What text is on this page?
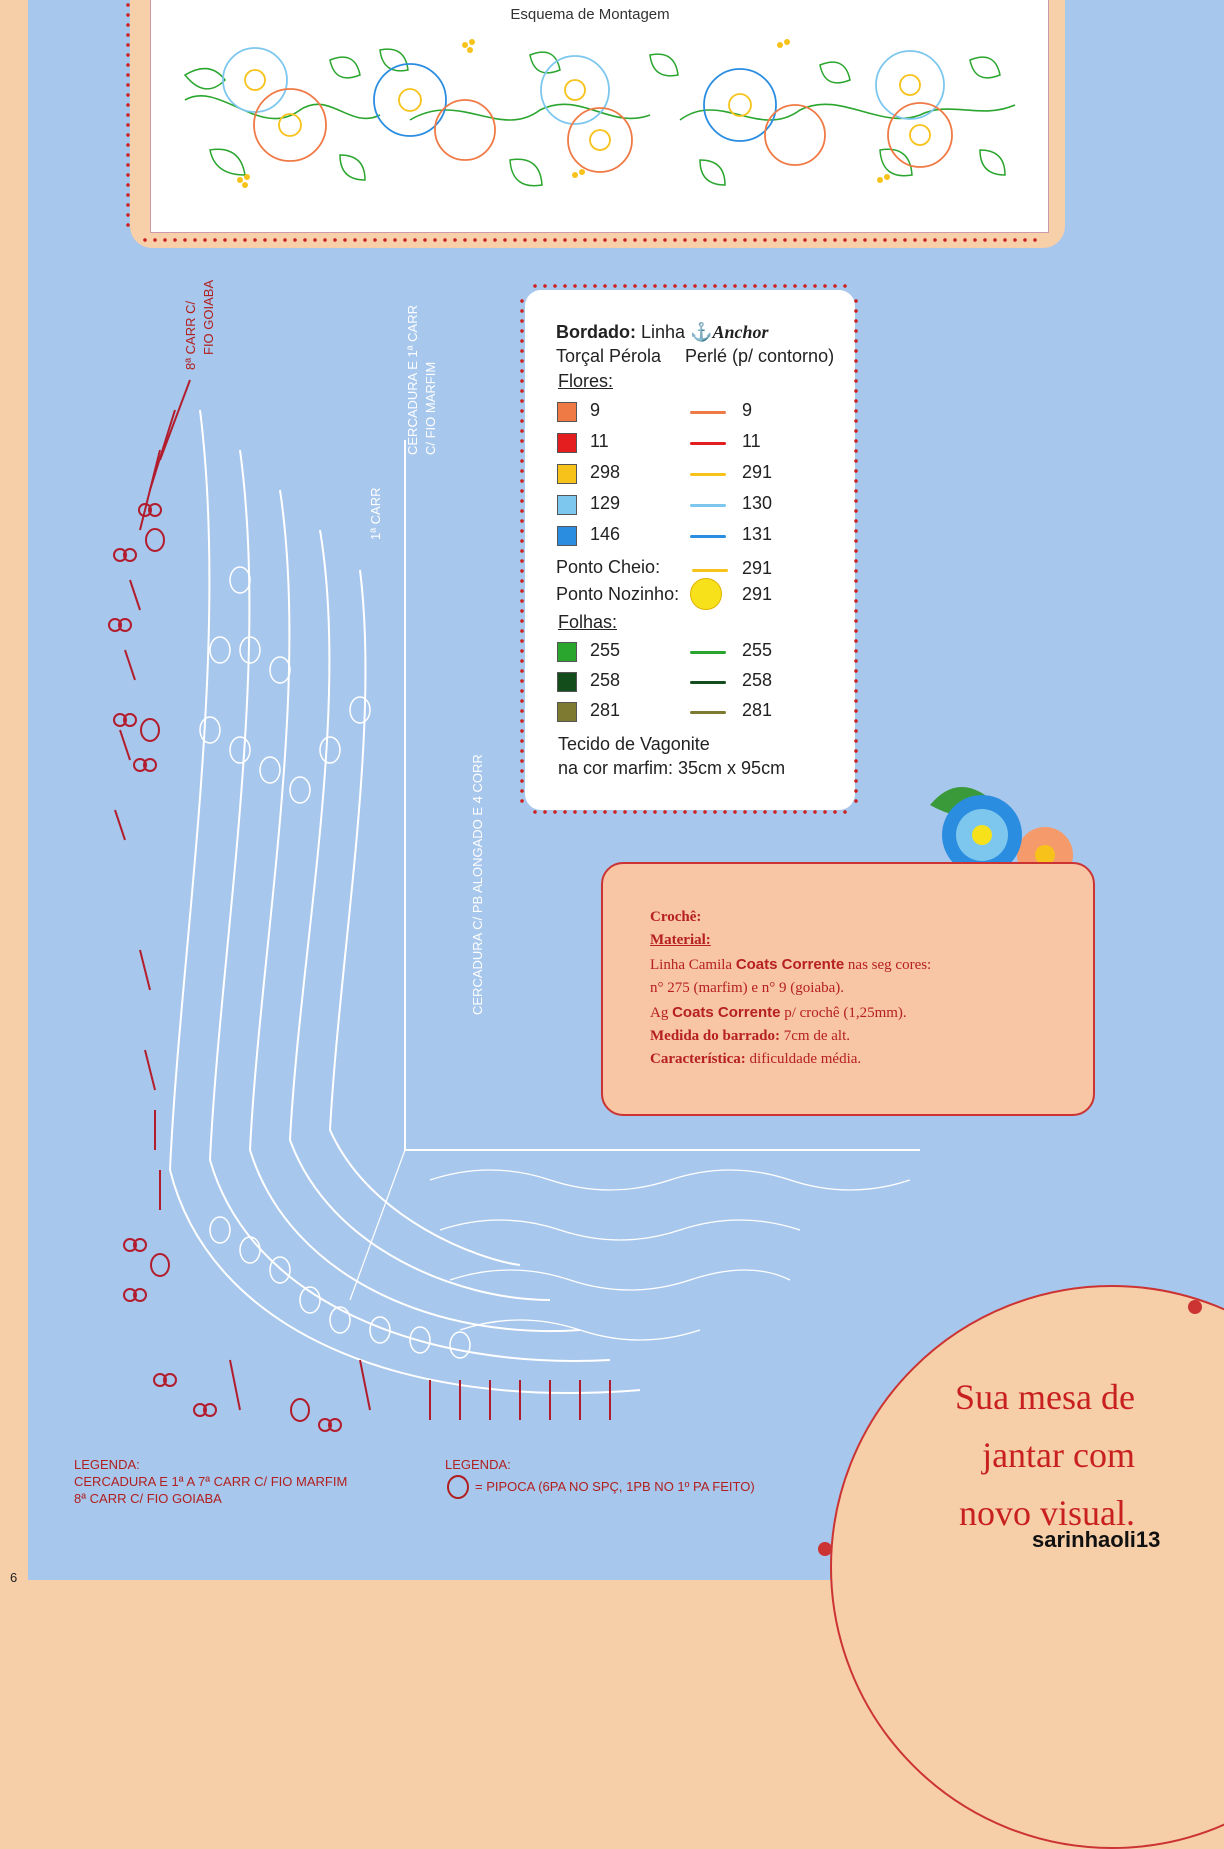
Esquema de Montagem
8ª CARR C/ FIO GOIABA	CERCADURA E 1ª CARR C/ FIO MARFIM
1ª CARR
CERCADURA C/ PB ALONGADO E 4 CORR
Bordado: Linha ⚓Anchor
Torçal Pérola Perlé (p/ contorno)
Flores:
9	9
11	11
298	291
129	130
146	131
Ponto Cheio:	291
Ponto Nozinho:	291
Folhas:
255	255
258	258
281	281
Tecido de Vagonite
na cor marfim: 35cm x 95cm
Crochê:
Material:
Linha Camila Coats Corrente nas seg cores:
n° 275 (marfim) e n° 9 (goiaba).
Ag Coats Corrente p/ crochê (1,25mm).
Medida do barrado: 7cm de alt.
Característica: dificuldade média.
Sua mesa de
jantar com
novo visual.
sarinhaoli13
LEGENDA:
CERCADURA E 1ª A 7ª CARR C/ FIO MARFIM
8ª CARR C/ FIO GOIABA
LEGENDA:
= PIPOCA (6PA NO SPÇ, 1PB NO 1º PA FEITO)
6
